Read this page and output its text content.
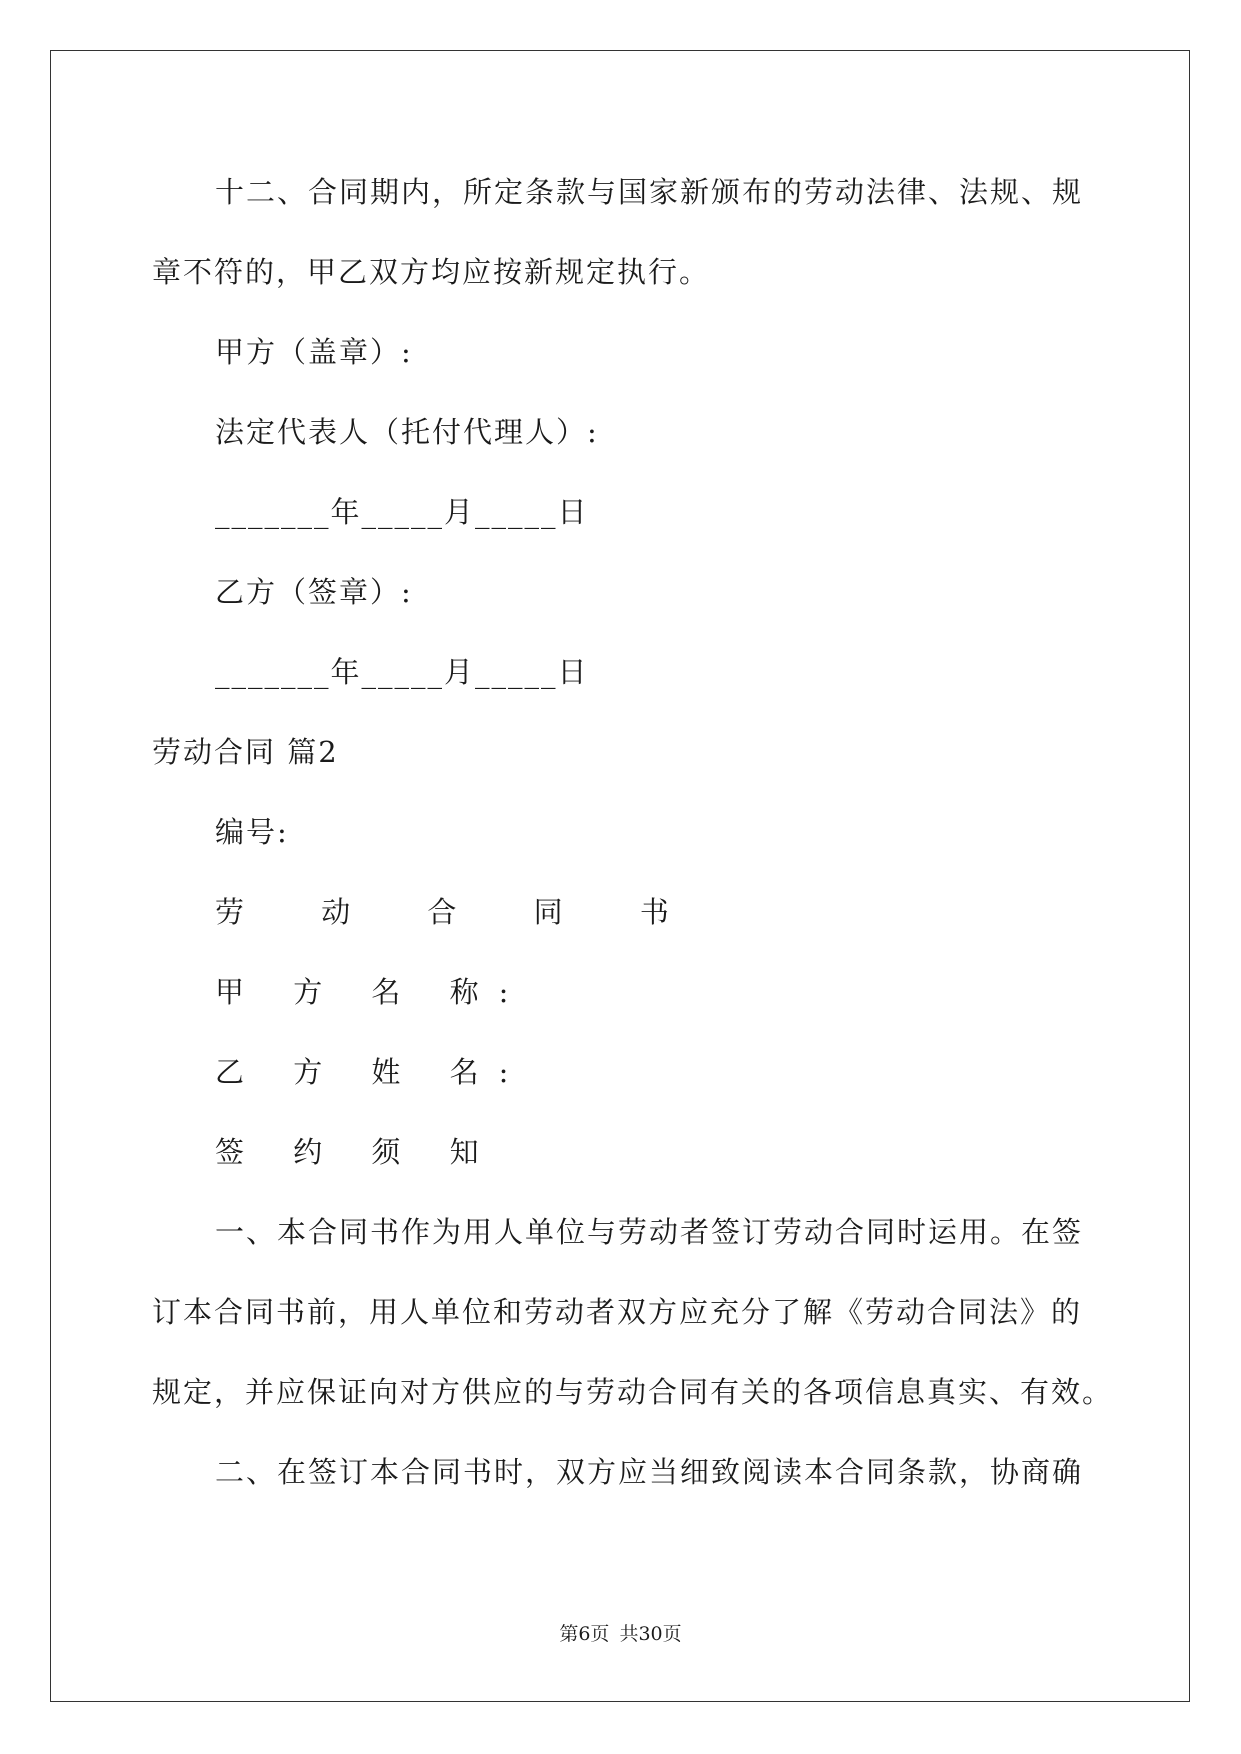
十二、合同期内，所定条款与国家新颁布的劳动法律、法规、规
章不符的，甲乙双方均应按新规定执行。
甲方（盖章）:
法定代表人（托付代理人）:
_______年_____月_____日
乙方（签章）:
_______年_____月_____日
劳动合同 篇2
编号:
劳 动 合 同 书
甲 方 名 称:
乙 方 姓 名:
签 约 须 知
一、本合同书作为用人单位与劳动者签订劳动合同时运用。在签
订本合同书前，用人单位和劳动者双方应充分了解《劳动合同法》的
规定，并应保证向对方供应的与劳动合同有关的各项信息真实、有效。
二、在签订本合同书时，双方应当细致阅读本合同条款，协商确
第6页 共30页
